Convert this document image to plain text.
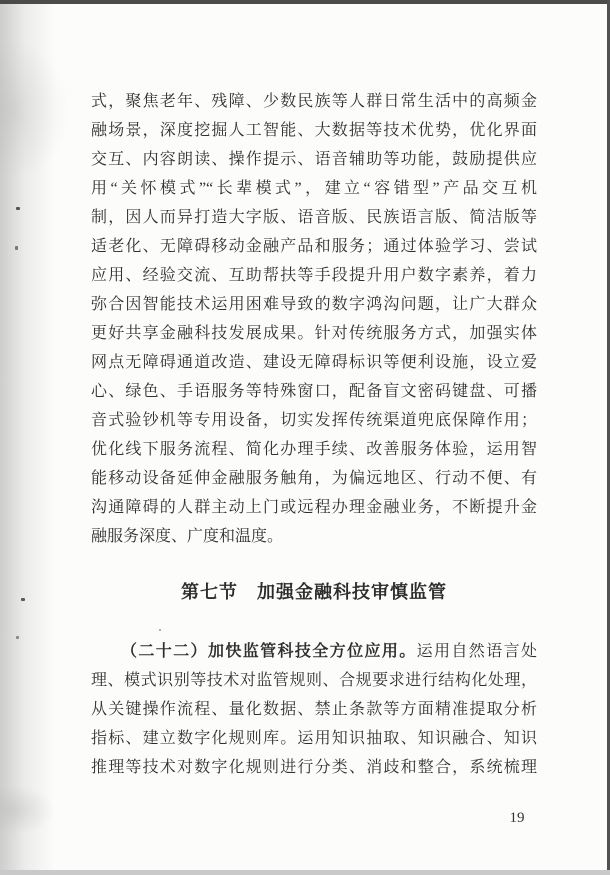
式，聚焦老年、残障、少数民族等人群日常生活中的高频金
融场景，深度挖掘人工智能、大数据等技术优势，优化界面
交互、内容朗读、操作提示、语音辅助等功能，鼓励提供应
用“关怀模式”“长辈模式”，建立“容错型”产品交互机
制，因人而异打造大字版、语音版、民族语言版、简洁版等
适老化、无障碍移动金融产品和服务；通过体验学习、尝试
应用、经验交流、互助帮扶等手段提升用户数字素养，着力
弥合因智能技术运用困难导致的数字鸿沟问题，让广大群众
更好共享金融科技发展成果。针对传统服务方式，加强实体
网点无障碍通道改造、建设无障碍标识等便利设施，设立爱
心、绿色、手语服务等特殊窗口，配备盲文密码键盘、可播
音式验钞机等专用设备，切实发挥传统渠道兜底保障作用；
优化线下服务流程、简化办理手续、改善服务体验，运用智
能移动设备延伸金融服务触角，为偏远地区、行动不便、有
沟通障碍的人群主动上门或远程办理金融业务，不断提升金
融服务深度、广度和温度。
第七节　加强金融科技审慎监管
（二十二）加快监管科技全方位应用。运用自然语言处
理、模式识别等技术对监管规则、合规要求进行结构化处理，
从关键操作流程、量化数据、禁止条款等方面精准提取分析
指标、建立数字化规则库。运用知识抽取、知识融合、知识
推理等技术对数字化规则进行分类、消歧和整合，系统梳理
19
